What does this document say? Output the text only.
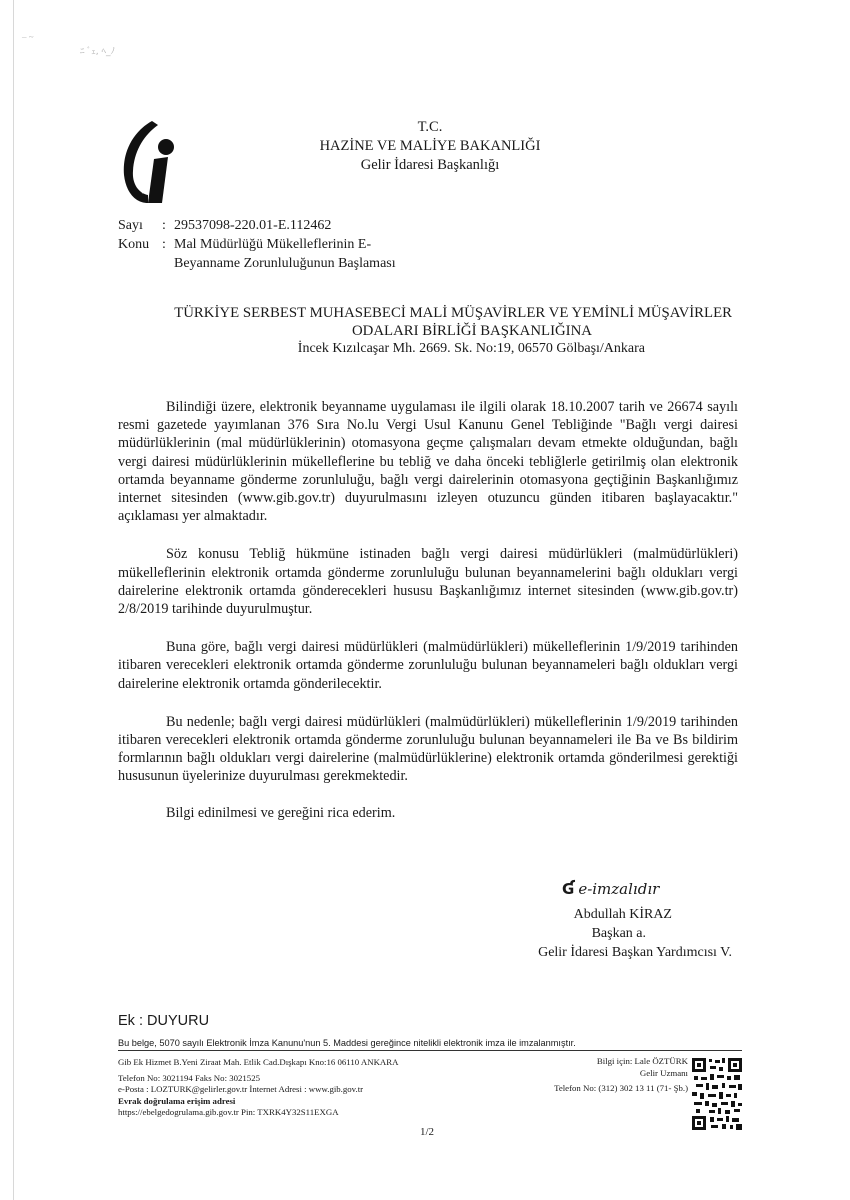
– ~
ﾆ ﾞｪ, ﾍ_ﾉ
T.C.
HAZİNE VE MALİYE BAKANLIĞI
Gelir İdaresi Başkanlığı
Sayı	: 29537098-220.01-E.112462
Konu : Mal Müdürlüğü Mükelleflerinin E-
Beyanname Zorunluluğunun Başlaması
TÜRKİYE SERBEST MUHASEBECİ MALİ MÜŞAVİRLER VE YEMİNLİ MÜŞAVİRLER
ODALARI BİRLİĞİ BAŞKANLIĞINA
İncek Kızılcaşar Mh. 2669. Sk. No:19, 06570 Gölbaşı/Ankara

Bilindiği üzere, elektronik beyanname uygulaması ile ilgili olarak 18.10.2007 tarih ve 26674 sayılı resmi gazetede yayımlanan 376 Sıra No.lu Vergi Usul Kanunu Genel Tebliğinde "Bağlı vergi dairesi müdürlüklerinin (mal müdürlüklerinin) otomasyona geçme çalışmaları devam etmekte olduğundan, bağlı vergi dairesi müdürlüklerinin mükelleflerine bu tebliğ ve daha önceki tebliğlerle getirilmiş olan elektronik ortamda beyanname gönderme zorunluluğu, bağlı vergi dairelerinin otomasyona geçtiğinin Başkanlığımız internet sitesinden (www.gib.gov.tr) duyurulmasını izleyen otuzuncu günden itibaren başlayacaktır." açıklaması yer almaktadır.

Söz konusu Tebliğ hükmüne istinaden bağlı vergi dairesi müdürlükleri (malmüdürlükleri) mükelleflerinin elektronik ortamda gönderme zorunluluğu bulunan beyannamelerini bağlı oldukları vergi dairelerine elektronik ortamda gönderecekleri hususu Başkanlığımız internet sitesinden (www.gib.gov.tr) 2/8/2019 tarihinde duyurulmuştur.

Buna göre, bağlı vergi dairesi müdürlükleri (malmüdürlükleri) mükelleflerinin 1/9/2019 tarihinden itibaren verecekleri elektronik ortamda gönderme zorunluluğu bulunan beyannameleri bağlı oldukları vergi dairelerine elektronik ortamda gönderilecektir.

Bu nedenle; bağlı vergi dairesi müdürlükleri (malmüdürlükleri) mükelleflerinin 1/9/2019 tarihinden itibaren verecekleri elektronik ortamda gönderme zorunluluğu bulunan beyannameleri ile Ba ve Bs bildirim formlarının bağlı oldukları vergi dairelerine (malmüdürlüklerine) elektronik ortamda gönderilmesi gerektiği hususunun üyelerinize duyurulması gerekmektedir.

Bilgi edinilmesi ve gereğini rica ederim.

Ɠ e-imzalıdır
Abdullah KİRAZ
Başkan a.
Gelir İdaresi Başkan Yardımcısı V.
Ek : DUYURU
Bu belge, 5070 sayılı Elektronik İmza Kanunu'nun 5. Maddesi gereğince nitelikli elektronik imza ile imzalanmıştır.
Gib Ek Hizmet B.Yeni Ziraat Mah. Etlik Cad.Dışkapı Kno:16 06110 ANKARA
Telefon No: 3021194 Faks No: 3021525
e-Posta : LOZTURK@gelirler.gov.tr İnternet Adresi : www.gib.gov.tr
Evrak doğrulama erişim adresi
https://ebelgedogrulama.gib.gov.tr Pin: TXRK4Y32S11EXGA
Bilgi için: Lale ÖZTÜRK
Gelir Uzmanı
Telefon No: (312) 302 13 11 (71- Şb.)
1/2
